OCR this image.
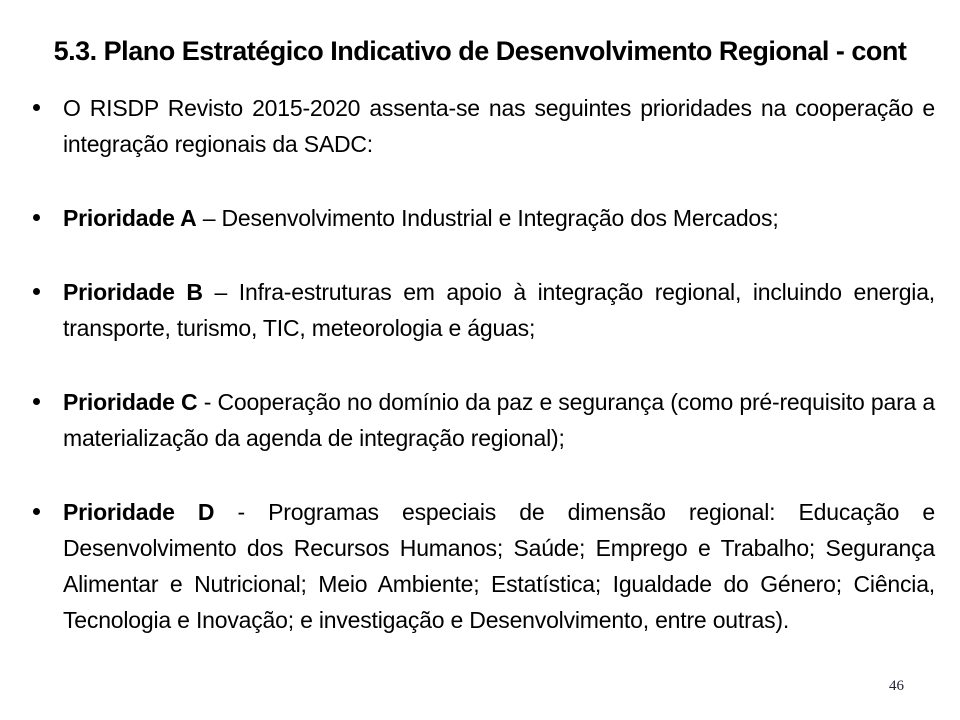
5.3. Plano Estratégico Indicativo de Desenvolvimento Regional - cont
O RISDP Revisto 2015-2020 assenta-se nas seguintes prioridades na cooperação e integração regionais da SADC:
Prioridade A – Desenvolvimento Industrial e Integração dos Mercados;
Prioridade B – Infra-estruturas em apoio à integração regional, incluindo energia, transporte, turismo, TIC, meteorologia e águas;
Prioridade C - Cooperação no domínio da paz e segurança (como pré-requisito para a materialização da agenda de integração regional);
Prioridade D - Programas especiais de dimensão regional: Educação e Desenvolvimento dos Recursos Humanos; Saúde; Emprego e Trabalho; Segurança Alimentar e Nutricional; Meio Ambiente; Estatística; Igualdade do Género; Ciência, Tecnologia e Inovação; e investigação e Desenvolvimento, entre outras).
46
